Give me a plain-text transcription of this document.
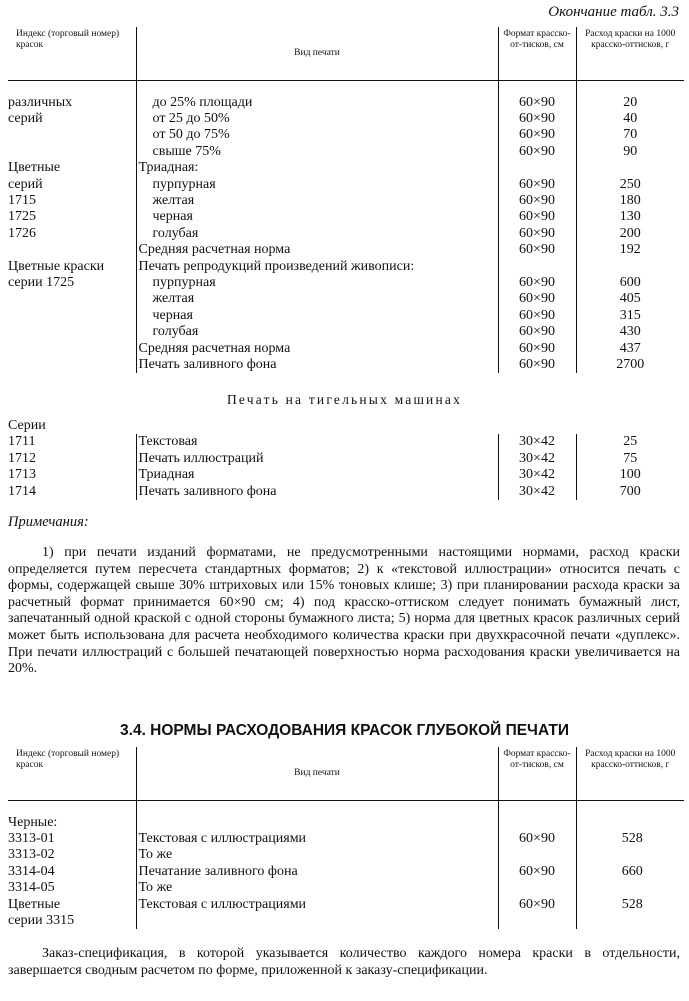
Окончание табл. 3.3
Индекс (торговый номер) красок	Вид печати	Формат красско-от-тисков, см	Расход краски на 1000 красско-оттисков, г
различных	до 25% площади	60×90	20
серий	от 25 до 50%	60×90	40
	от 50 до 75%	60×90	70
	свыше 75%	60×90	90
Цветные	Триадная:		
серий	пурпурная	60×90	250
1715	желтая	60×90	180
1725	черная	60×90	130
1726	голубая	60×90	200
	Средняя расчетная норма	60×90	192
Цветные краски	Печать репродукций произведений живописи:		
серии 1725	пурпурная	60×90	600
	желтая	60×90	405
	черная	60×90	315
	голубая	60×90	430
	Средняя расчетная норма	60×90	437
	Печать заливного фона	60×90	2700
Печать на тигельных машинах
Серии			
1711	Текстовая	30×42	25
1712	Печать иллюстраций	30×42	75
1713	Триадная	30×42	100
1714	Печать заливного фона	30×42	700
Примечания:

1) при печати изданий форматами, не предусмотренными настоящими нормами, расход краски определяется путем пересчета стандартных форматов; 2) к «текстовой иллюстрации» относится печать с формы, содержащей свыше 30% штриховых или 15% тоновых клише; 3) при планировании расхода краски за расчетный формат принимается 60×90 см; 4) под красско-оттиском следует понимать бумажный лист, запечатанный одной краской с одной стороны бумажного листа; 5) норма для цветных красок различных серий может быть использована для расчета необходимого количества краски при двухкрасочной печати «дуплекс». При печати иллюстраций с большей печатающей поверхностью норма расходования краски увеличивается на 20%.

3.4. НОРМЫ РАСХОДОВАНИЯ КРАСОК ГЛУБОКОЙ ПЕЧАТИ
Индекс (торговый номер) красок	Вид печати	Формат красско-от-тисков, см	Расход краски на 1000 красско-оттисков, г
Черные:			
3313-01	Текстовая с иллюстрациями	60×90	528
3313-02	То же		
3314-04	Печатание заливного фона	60×90	660
3314-05	То же		
Цветные	Текстовая с иллюстрациями	60×90	528
серии 3315			

Заказ-спецификация, в которой указывается количество каждого номера краски в отдельности, завершается сводным расчетом по форме, приложенной к заказу-спецификации.
